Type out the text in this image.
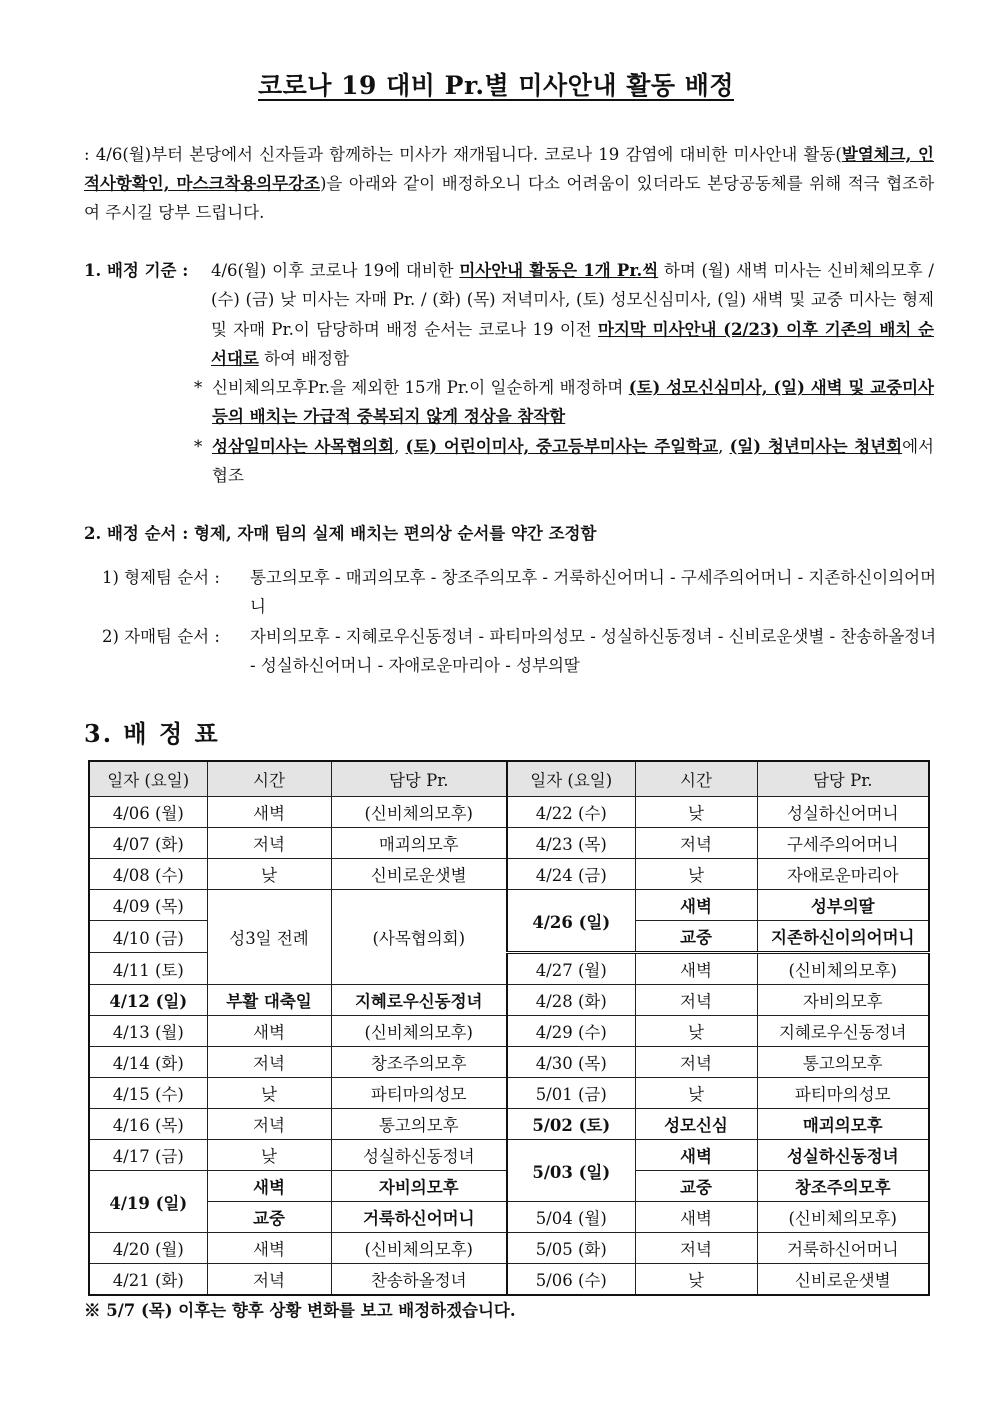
코로나 19 대비 Pr.별 미사안내 활동 배정
: 4/6(월)부터 본당에서 신자들과 함께하는 미사가 재개됩니다. 코로나 19 감염에 대비한 미사안내 활동(발열체크, 인적사항확인, 마스크착용의무강조)을 아래와 같이 배정하오니 다소 어려움이 있더라도 본당공동체를 위해 적극 협조하여 주시길 당부 드립니다.
1. 배정 기준 :	4/6(월) 이후 코로나 19에 대비한 미사안내 활동은 1개 Pr.씩 하며 (월) 새벽 미사는 신비체의모후 / (수) (금) 낮 미사는 자매 Pr. / (화) (목) 저녁미사, (토) 성모신심미사, (일) 새벽 및 교중 미사는 형제 및 자매 Pr.이 담당하며 배정 순서는 코로나 19 이전 마지막 미사안내 (2/23) 이후 기존의 배치 순서대로 하여 배정함
* 신비체의모후Pr.을 제외한 15개 Pr.이 일순하게 배정하며 (토) 성모신심미사, (일) 새벽 및 교중미사 등의 배치는 가급적 중복되지 않게 정상을 참작함
* 성삼일미사는 사목협의회, (토) 어린이미사, 중고등부미사는 주일학교, (일) 청년미사는 청년회에서 협조
2. 배정 순서 : 형제, 자매 팀의 실제 배치는 편의상 순서를 약간 조정함
1) 형제팀 순서 :	통고의모후 - 매괴의모후 - 창조주의모후 - 거룩하신어머니 - 구세주의어머니 - 지존하신이의어머니
2) 자매팀 순서 :	자비의모후 - 지혜로우신동정녀 - 파티마의성모 - 성실하신동정녀 - 신비로운샛별 - 찬송하올정녀 - 성실하신어머니 - 자애로운마리아 - 성부의딸
3. 배 정 표
일자 (요일)	시간	담당 Pr.	일자 (요일)	시간	담당 Pr.
4/06 (월)	새벽	(신비체의모후)	4/22 (수)	낮	성실하신어머니
4/07 (화)	저녁	매괴의모후	4/23 (목)	저녁	구세주의어머니
4/08 (수)	낮	신비로운샛별	4/24 (금)	낮	자애로운마리아
4/09 (목)	성3일 전례	(사목협의회)	4/26 (일)	새벽	성부의딸
4/10 (금)				교중	지존하신이의어머니
4/11 (토)			4/27 (월)	새벽	(신비체의모후)
4/12 (일)	부활 대축일	지혜로우신동정녀	4/28 (화)	저녁	자비의모후
4/13 (월)	새벽	(신비체의모후)	4/29 (수)	낮	지혜로우신동정녀
4/14 (화)	저녁	창조주의모후	4/30 (목)	저녁	통고의모후
4/15 (수)	낮	파티마의성모	5/01 (금)	낮	파티마의성모
4/16 (목)	저녁	통고의모후	5/02 (토)	성모신심	매괴의모후
4/17 (금)	낮	성실하신동정녀	5/03 (일)	새벽	성실하신동정녀
4/19 (일)	새벽	자비의모후		교중	창조주의모후
	교중	거룩하신어머니	5/04 (월)	새벽	(신비체의모후)
4/20 (월)	새벽	(신비체의모후)	5/05 (화)	저녁	거룩하신어머니
4/21 (화)	저녁	찬송하올정녀	5/06 (수)	낮	신비로운샛별
※ 5/7 (목) 이후는 향후 상황 변화를 보고 배정하겠습니다.
